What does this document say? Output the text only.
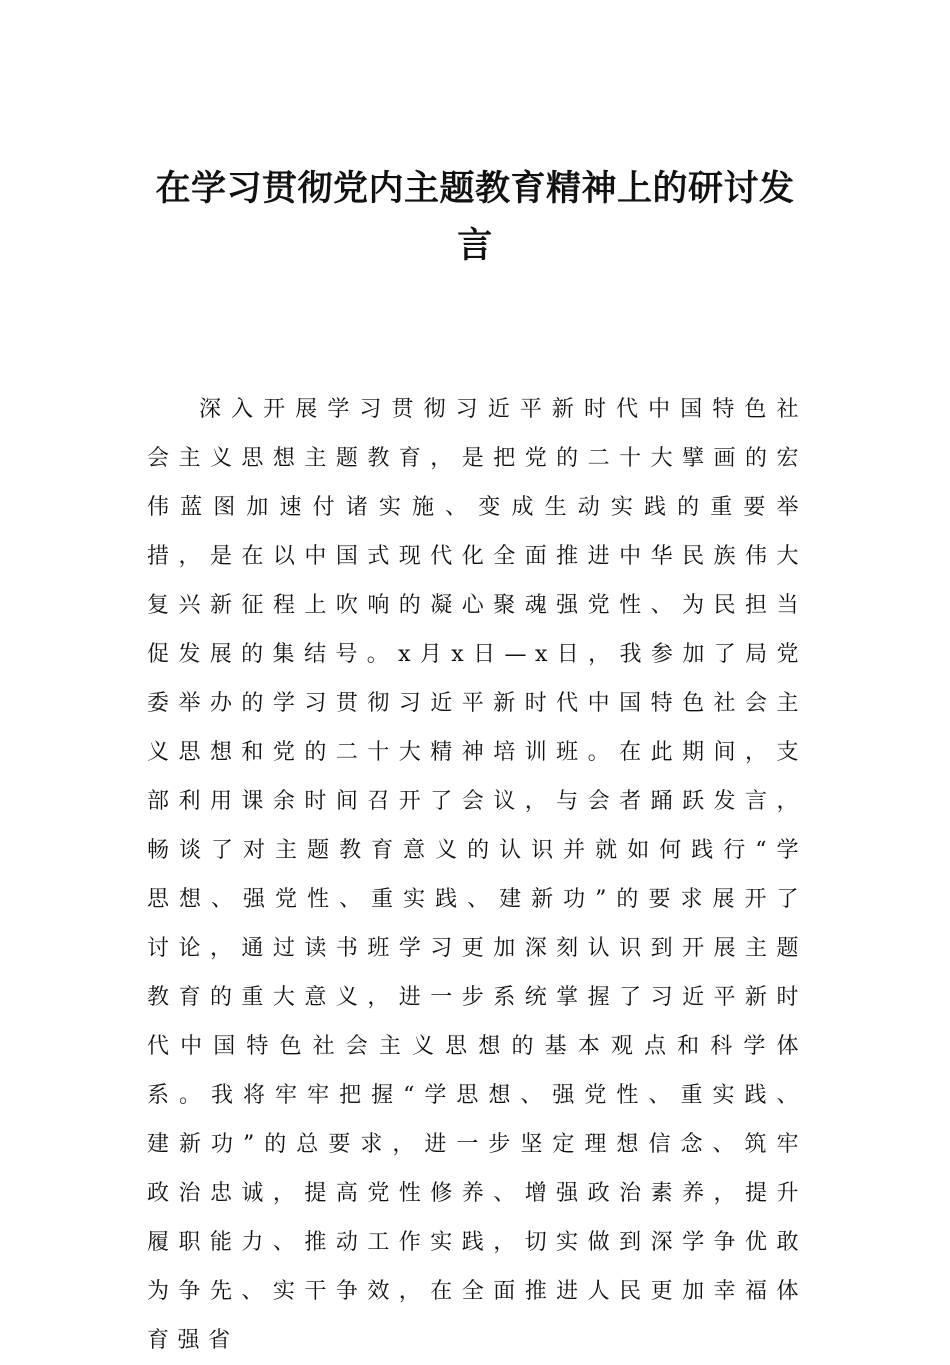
在学习贯彻党内主题教育精神上的研讨发言

深入开展学习贯彻习近平新时代中国特色社会主义思想主题教育，是把党的二十大擘画的宏伟蓝图加速付诸实施、变成生动实践的重要举措，是在以中国式现代化全面推进中华民族伟大复兴新征程上吹响的凝心聚魂强党性、为民担当促发展的集结号。x月x日—x日，我参加了局党委举办的学习贯彻习近平新时代中国特色社会主义思想和党的二十大精神培训班。在此期间，支部利用课余时间召开了会议，与会者踊跃发言，畅谈了对主题教育意义的认识并就如何践行“学思想、强党性、重实践、建新功”的要求展开了讨论，通过读书班学习更加深刻认识到开展主题教育的重大意义，进一步系统掌握了习近平新时代中国特色社会主义思想的基本观点和科学体系。我将牢牢把握“学思想、强党性、重实践、建新功”的总要求，进一步坚定理想信念、筑牢政治忠诚，提高党性修养、增强政治素养，提升履职能力、推动工作实践，切实做到深学争优敢为争先、实干争效，在全面推进人民更加幸福体育强省
